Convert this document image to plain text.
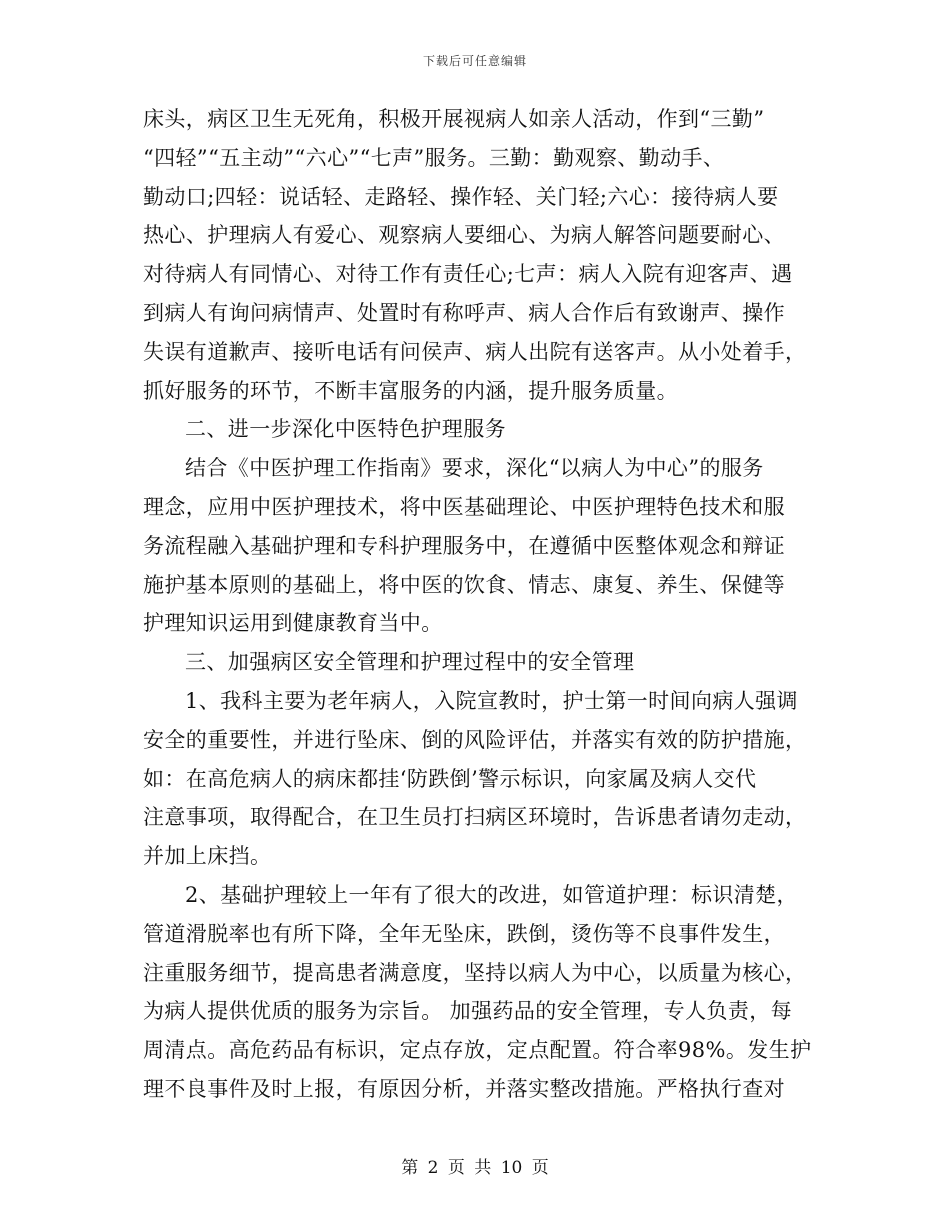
下载后可任意编辑
床头，病区卫生无死角，积极开展视病人如亲人活动，作到“三勤”
“四轻”“五主动”“六心”“七声”服务。三勤：勤观察、勤动手、
勤动口;四轻：说话轻、走路轻、操作轻、关门轻;六心：接待病人要
热心、护理病人有爱心、观察病人要细心、为病人解答问题要耐心、
对待病人有同情心、对待工作有责任心;七声：病人入院有迎客声、遇
到病人有询问病情声、处置时有称呼声、病人合作后有致谢声、操作
失误有道歉声、接听电话有问侯声、病人出院有送客声。从小处着手，
抓好服务的环节，不断丰富服务的内涵，提升服务质量。
二、进一步深化中医特色护理服务
结合《中医护理工作指南》要求，深化“以病人为中心”的服务
理念，应用中医护理技术，将中医基础理论、中医护理特色技术和服
务流程融入基础护理和专科护理服务中，在遵循中医整体观念和辩证
施护基本原则的基础上，将中医的饮食、情志、康复、养生、保健等
护理知识运用到健康教育当中。
三、加强病区安全管理和护理过程中的安全管理
1、我科主要为老年病人，入院宣教时，护士第一时间向病人强调
安全的重要性，并进行坠床、倒的风险评估，并落实有效的防护措施，
如：在高危病人的病床都挂‘防跌倒’警示标识，向家属及病人交代
注意事项，取得配合，在卫生员打扫病区环境时，告诉患者请勿走动，
并加上床挡。
2、基础护理较上一年有了很大的改进，如管道护理：标识清楚，
管道滑脱率也有所下降，全年无坠床，跌倒，烫伤等不良事件发生，
注重服务细节，提高患者满意度，坚持以病人为中心，以质量为核心，
为病人提供优质的服务为宗旨。 加强药品的安全管理，专人负责，每
周清点。高危药品有标识，定点存放，定点配置。符合率98%。发生护
理不良事件及时上报，有原因分析，并落实整改措施。严格执行查对
第 2 页 共 10 页
